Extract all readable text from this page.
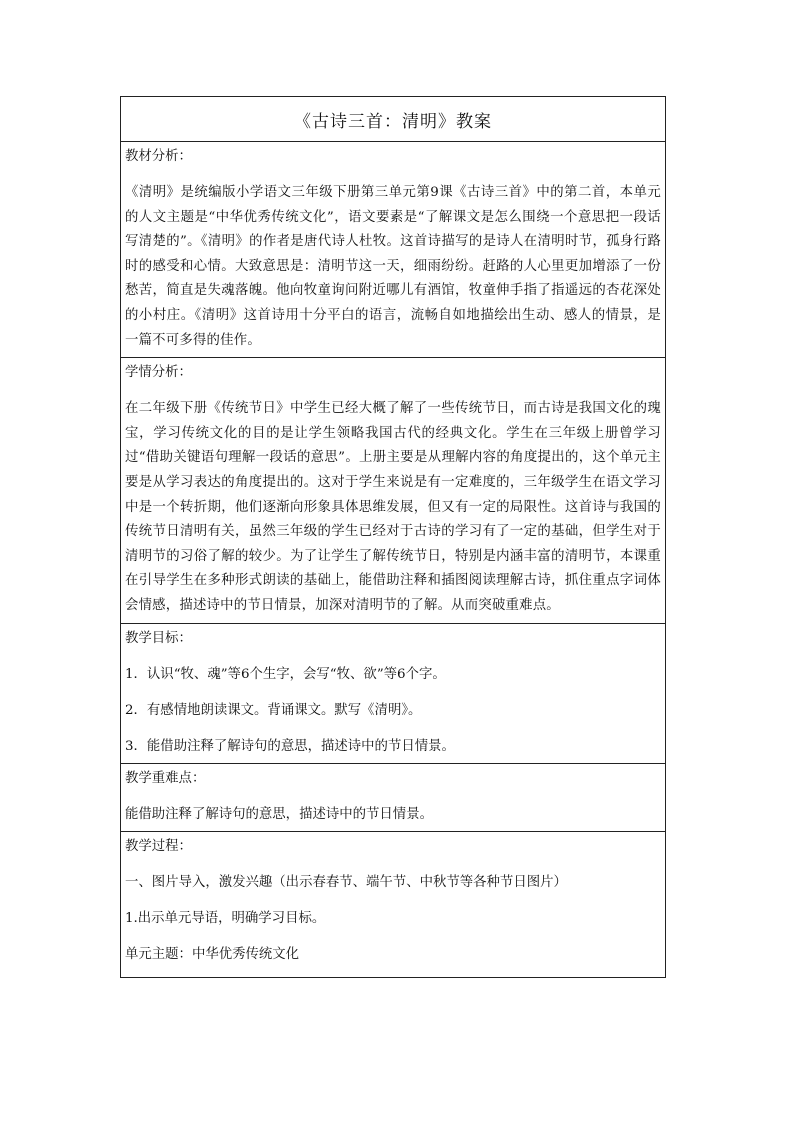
《古诗三首：清明》教案
教材分析：
《清明》是统编版小学语文三年级下册第三单元第9课《古诗三首》中的第二首，本单元的人文主题是“中华优秀传统文化”，语文要素是“了解课文是怎么围绕一个意思把一段话写清楚的”。《清明》的作者是唐代诗人杜牧。这首诗描写的是诗人在清明时节，孤身行路时的感受和心情。大致意思是：清明节这一天，细雨纷纷。赶路的人心里更加增添了一份愁苦，简直是失魂落魄。他向牧童询问附近哪儿有酒馆，牧童伸手指了指遥远的杏花深处的小村庄。《清明》这首诗用十分平白的语言，流畅自如地描绘出生动、感人的情景，是一篇不可多得的佳作。
学情分析：
在二年级下册《传统节日》中学生已经大概了解了一些传统节日，而古诗是我国文化的瑰宝，学习传统文化的目的是让学生领略我国古代的经典文化。学生在三年级上册曾学习过“借助关键语句理解一段话的意思”。上册主要是从理解内容的角度提出的，这个单元主要是从学习表达的角度提出的。这对于学生来说是有一定难度的，三年级学生在语文学习中是一个转折期，他们逐渐向形象具体思维发展，但又有一定的局限性。这首诗与我国的传统节日清明有关，虽然三年级的学生已经对于古诗的学习有了一定的基础，但学生对于清明节的习俗了解的较少。为了让学生了解传统节日，特别是内涵丰富的清明节，本课重在引导学生在多种形式朗读的基础上，能借助注释和插图阅读理解古诗，抓住重点字词体会情感，描述诗中的节日情景，加深对清明节的了解。从而突破重难点。
教学目标：
1．认识“牧、魂”等6个生字，会写“牧、欲”等6个字。
2．有感情地朗读课文。背诵课文。默写《清明》。
3．能借助注释了解诗句的意思，描述诗中的节日情景。
教学重难点：
能借助注释了解诗句的意思，描述诗中的节日情景。
教学过程：
一、图片导入，激发兴趣（出示春春节、端午节、中秋节等各种节日图片）
1.出示单元导语，明确学习目标。
单元主题：中华优秀传统文化
